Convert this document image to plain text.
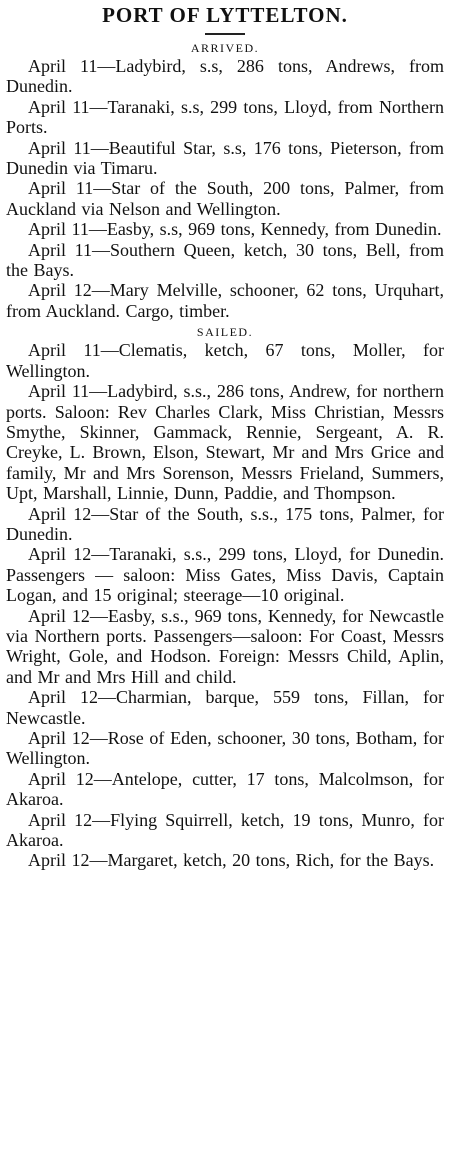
PORT OF LYTTELTON.
ARRIVED.

April 11—Ladybird, s.s, 286 tons, Andrews, from Dunedin.

April 11—Taranaki, s.s, 299 tons, Lloyd, from Northern Ports.

April 11—Beautiful Star, s.s, 176 tons, Pieterson, from Dunedin via Timaru.

April 11—Star of the South, 200 tons, Palmer, from Auckland via Nelson and Wellington.

April 11—Easby, s.s, 969 tons, Kennedy, from Dunedin.

April 11—Southern Queen, ketch, 30 tons, Bell, from the Bays.

April 12—Mary Melville, schooner, 62 tons, Urquhart, from Auckland. Cargo, timber.

SAILED.

April 11—Clematis, ketch, 67 tons, Moller, for Wellington.

April 11—Ladybird, s.s., 286 tons, Andrew, for northern ports. Saloon: Rev Charles Clark, Miss Christian, Messrs Smythe, Skinner, Gammack, Rennie, Sergeant, A. R. Creyke, L. Brown, Elson, Stewart, Mr and Mrs Grice and family, Mr and Mrs Sorenson, Messrs Frieland, Summers, Upt, Marshall, Linnie, Dunn, Paddie, and Thompson.

April 12—Star of the South, s.s., 175 tons, Palmer, for Dunedin.

April 12—Taranaki, s.s., 299 tons, Lloyd, for Dunedin. Passengers — saloon: Miss Gates, Miss Davis, Captain Logan, and 15 original; steerage—10 original.

April 12—Easby, s.s., 969 tons, Kennedy, for Newcastle via Northern ports. Passengers—saloon: For Coast, Messrs Wright, Gole, and Hodson. Foreign: Messrs Child, Aplin, and Mr and Mrs Hill and child.

April 12—Charmian, barque, 559 tons, Fillan, for Newcastle.

April 12—Rose of Eden, schooner, 30 tons, Botham, for Wellington.

April 12—Antelope, cutter, 17 tons, Malcolmson, for Akaroa.

April 12—Flying Squirrell, ketch, 19 tons, Munro, for Akaroa.

April 12—Margaret, ketch, 20 tons, Rich, for the Bays.
